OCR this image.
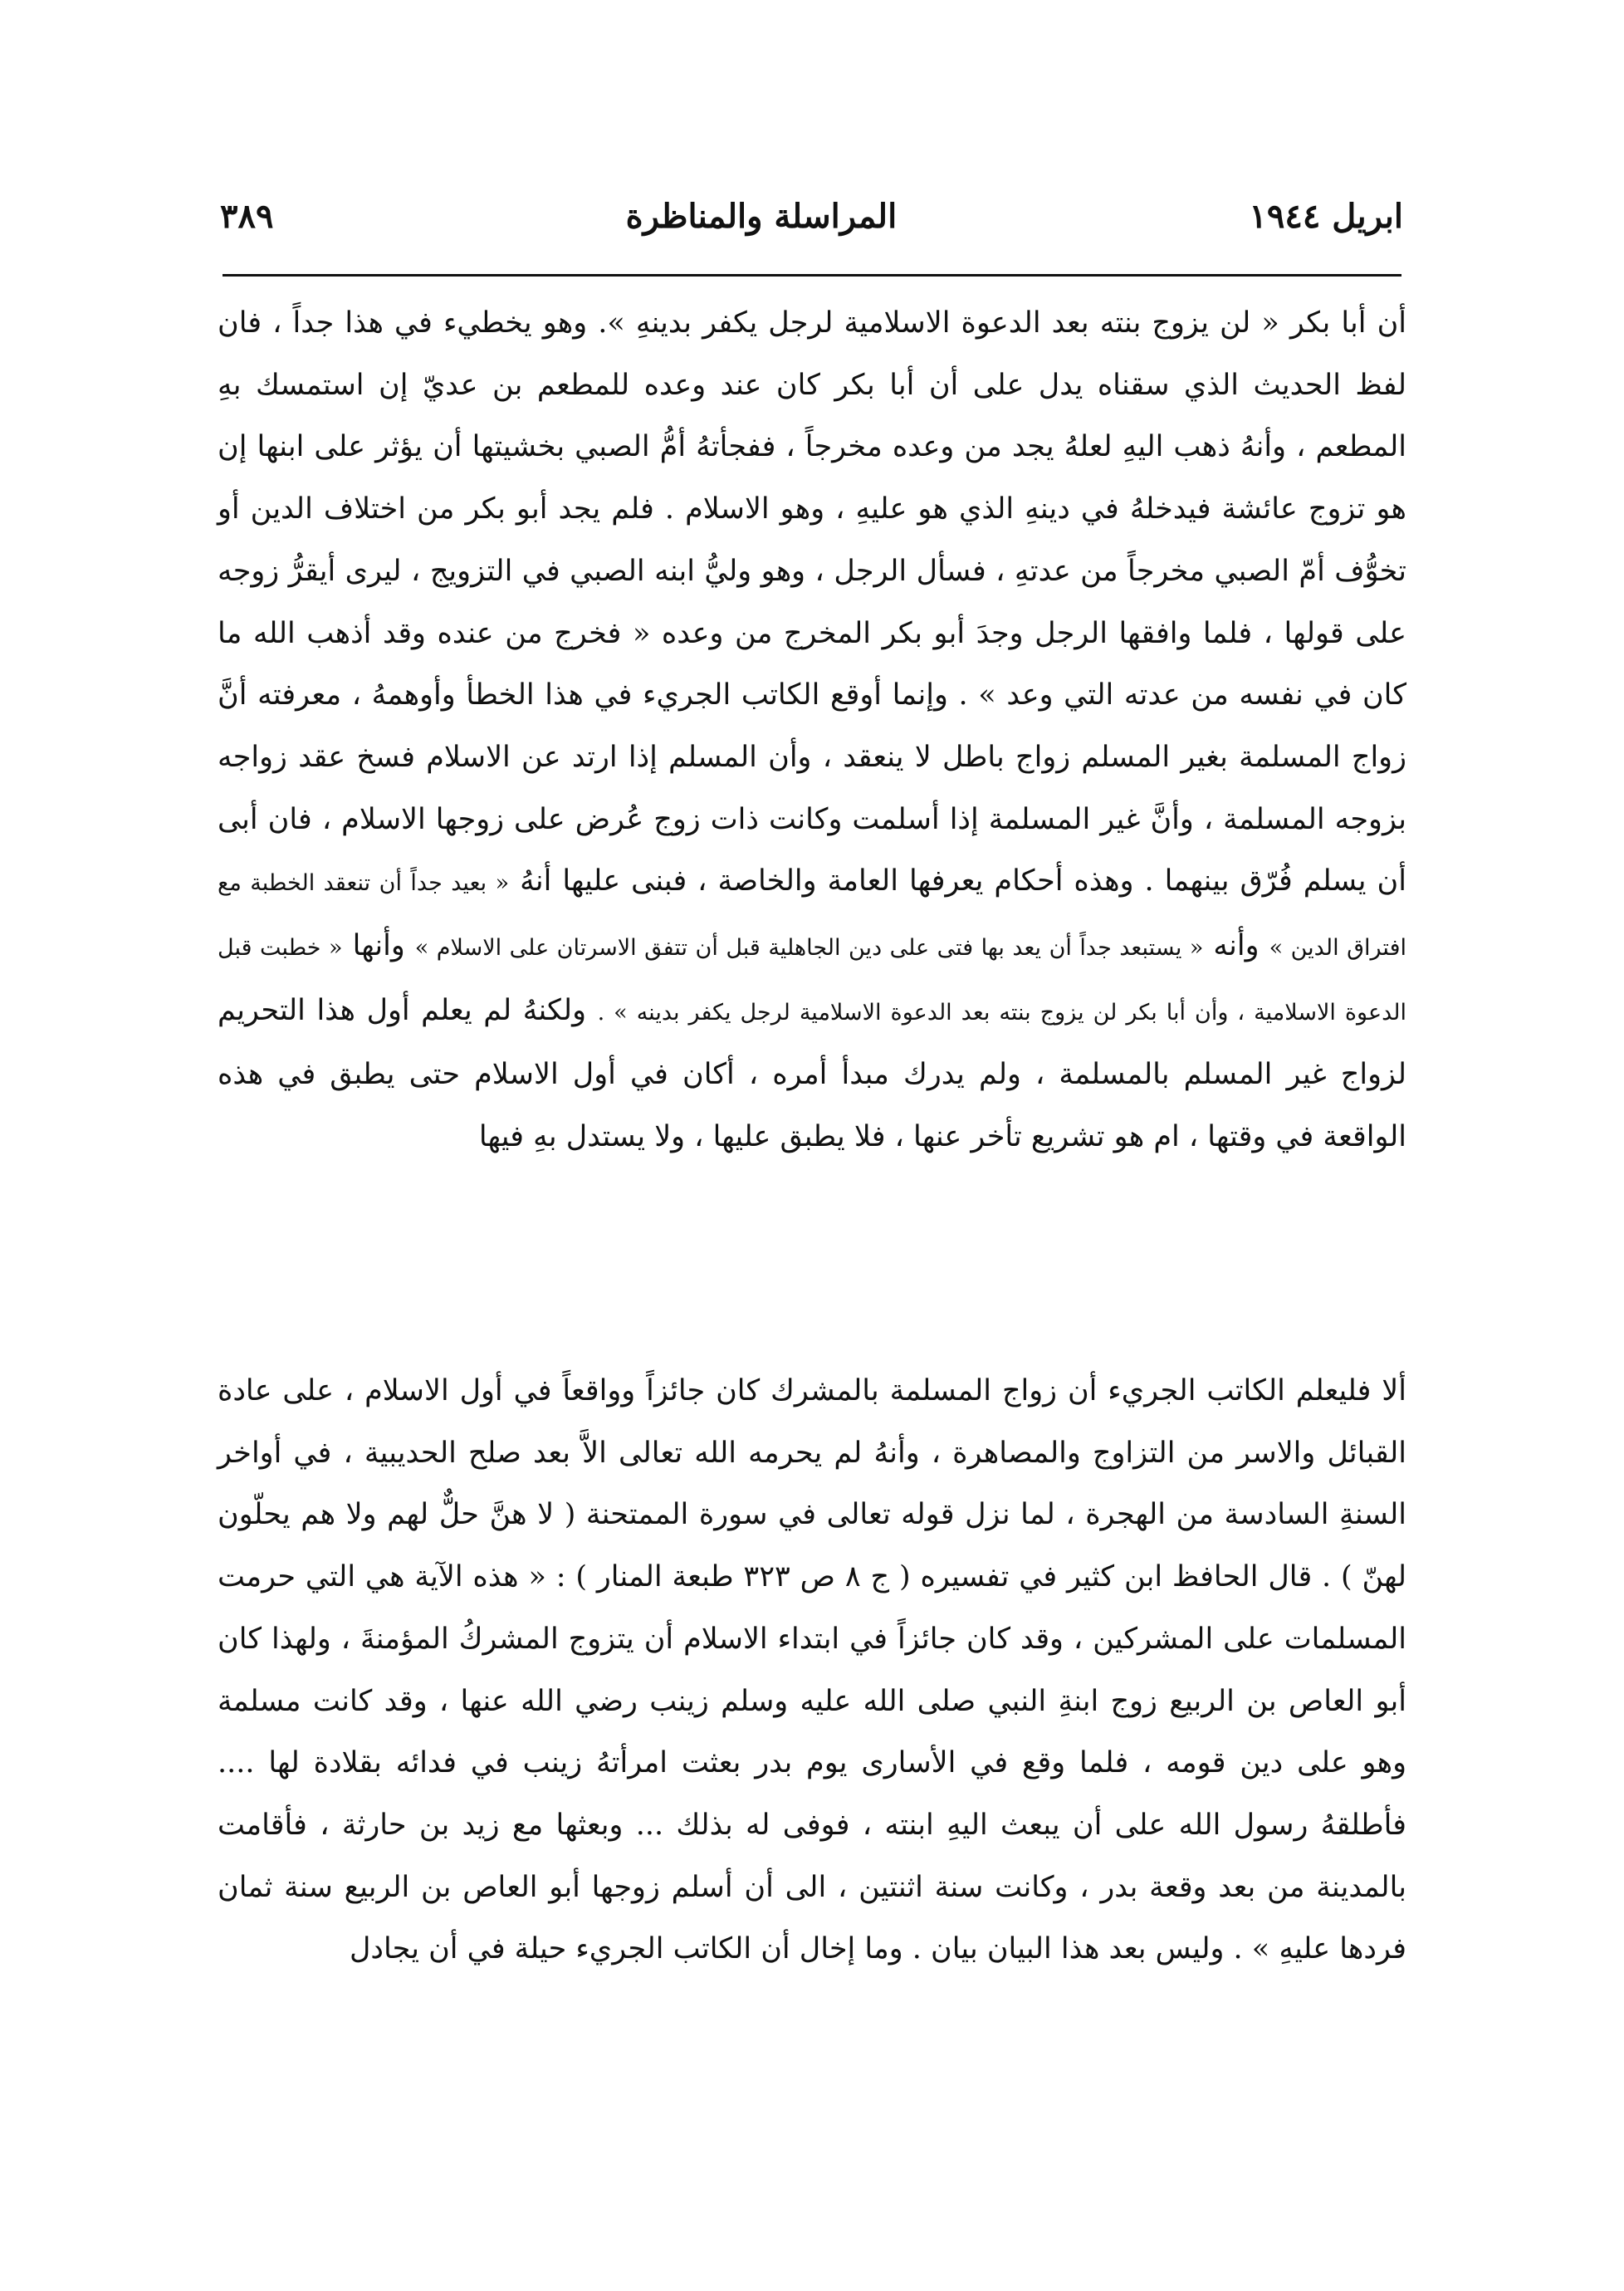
ابريل ١٩٤٤
المراسلة والمناظرة
٣٨٩

أن أبا بكر « لن يزوج بنته بعد الدعوة الاسلامية لرجل يكفر بدينهِ ». وهو يخطيء في هذا جداً ، فان لفظ الحديث الذي سقناه يدل على أن أبا بكر كان عند وعده للمطعم بن عديّ إن استمسك بهِ المطعم ، وأنهُ ذهب اليهِ لعلهُ يجد من وعده مخرجاً ، ففجأتهُ أمُّ الصبي بخشيتها أن يؤثر على ابنها إن هو تزوج عائشة فيدخلهُ في دينهِ الذي هو عليهِ ، وهو الاسلام . فلم يجد أبو بكر من اختلاف الدين أو تخوُّف أمّ الصبي مخرجاً من عدتهِ ، فسأل الرجل ، وهو وليُّ ابنه الصبي في التزويج ، ليرى أيقرُّ زوجه على قولها ، فلما وافقها الرجل وجدَ أبو بكر المخرج من وعده « فخرج من عنده وقد أذهب الله ما كان في نفسه من عدته التي وعد » . وإنما أوقع الكاتب الجريء في هذا الخطأ وأوهمهُ ، معرفته أنَّ زواج المسلمة بغير المسلم زواج باطل لا ينعقد ، وأن المسلم إذا ارتد عن الاسلام فسخ عقد زواجه بزوجه المسلمة ، وأنَّ غير المسلمة إذا أسلمت وكانت ذات زوج عُرض على زوجها الاسلام ، فان أبى أن يسلم فُرّق بينهما . وهذه أحكام يعرفها العامة والخاصة ، فبنى عليها أنهُ « بعيد جداً أن تنعقد الخطبة مع افتراق الدين » وأنه « يستبعد جداً أن يعد بها فتى على دين الجاهلية قبل أن تتفق الاسرتان على الاسلام » وأنها « خطبت قبل الدعوة الاسلامية ، وأن أبا بكر لن يزوج بنته بعد الدعوة الاسلامية لرجل يكفر بدينه » . ولكنهُ لم يعلم أول هذا التحريم لزواج غير المسلم بالمسلمة ، ولم يدرك مبدأ أمره ، أكان في أول الاسلام حتى يطبق في هذه الواقعة في وقتها ، ام هو تشريع تأخر عنها ، فلا يطبق عليها ، ولا يستدل بهِ فيها

ألا فليعلم الكاتب الجريء أن زواج المسلمة بالمشرك كان جائزاً وواقعاً في أول الاسلام ، على عادة القبائل والاسر من التزاوج والمصاهرة ، وأنهُ لم يحرمه الله تعالى الاَّ بعد صلح الحديبية ، في أواخر السنةِ السادسة من الهجرة ، لما نزل قوله تعالى في سورة الممتحنة ( لا هنَّ حلٌّ لهم ولا هم يحلّون لهنّ ) . قال الحافظ ابن كثير في تفسيره ( ج ٨ ص ٣٢٣ طبعة المنار ) : « هذه الآية هي التي حرمت المسلمات على المشركين ، وقد كان جائزاً في ابتداء الاسلام أن يتزوج المشركُ المؤمنةَ ، ولهذا كان أبو العاص بن الربيع زوج ابنةِ النبي صلى الله عليه وسلم زينب رضي الله عنها ، وقد كانت مسلمة وهو على دين قومه ، فلما وقع في الأسارى يوم بدر بعثت امرأتهُ زينب في فدائه بقلادة لها .... فأطلقهُ رسول الله على أن يبعث اليهِ ابنته ، فوفى له بذلك ... وبعثها مع زيد بن حارثة ، فأقامت بالمدينة من بعد وقعة بدر ، وكانت سنة اثنتين ، الى أن أسلم زوجها أبو العاص بن الربيع سنة ثمان فردها عليهِ » . وليس بعد هذا البيان بيان . وما إخال أن الكاتب الجريء حيلة في أن يجادل
